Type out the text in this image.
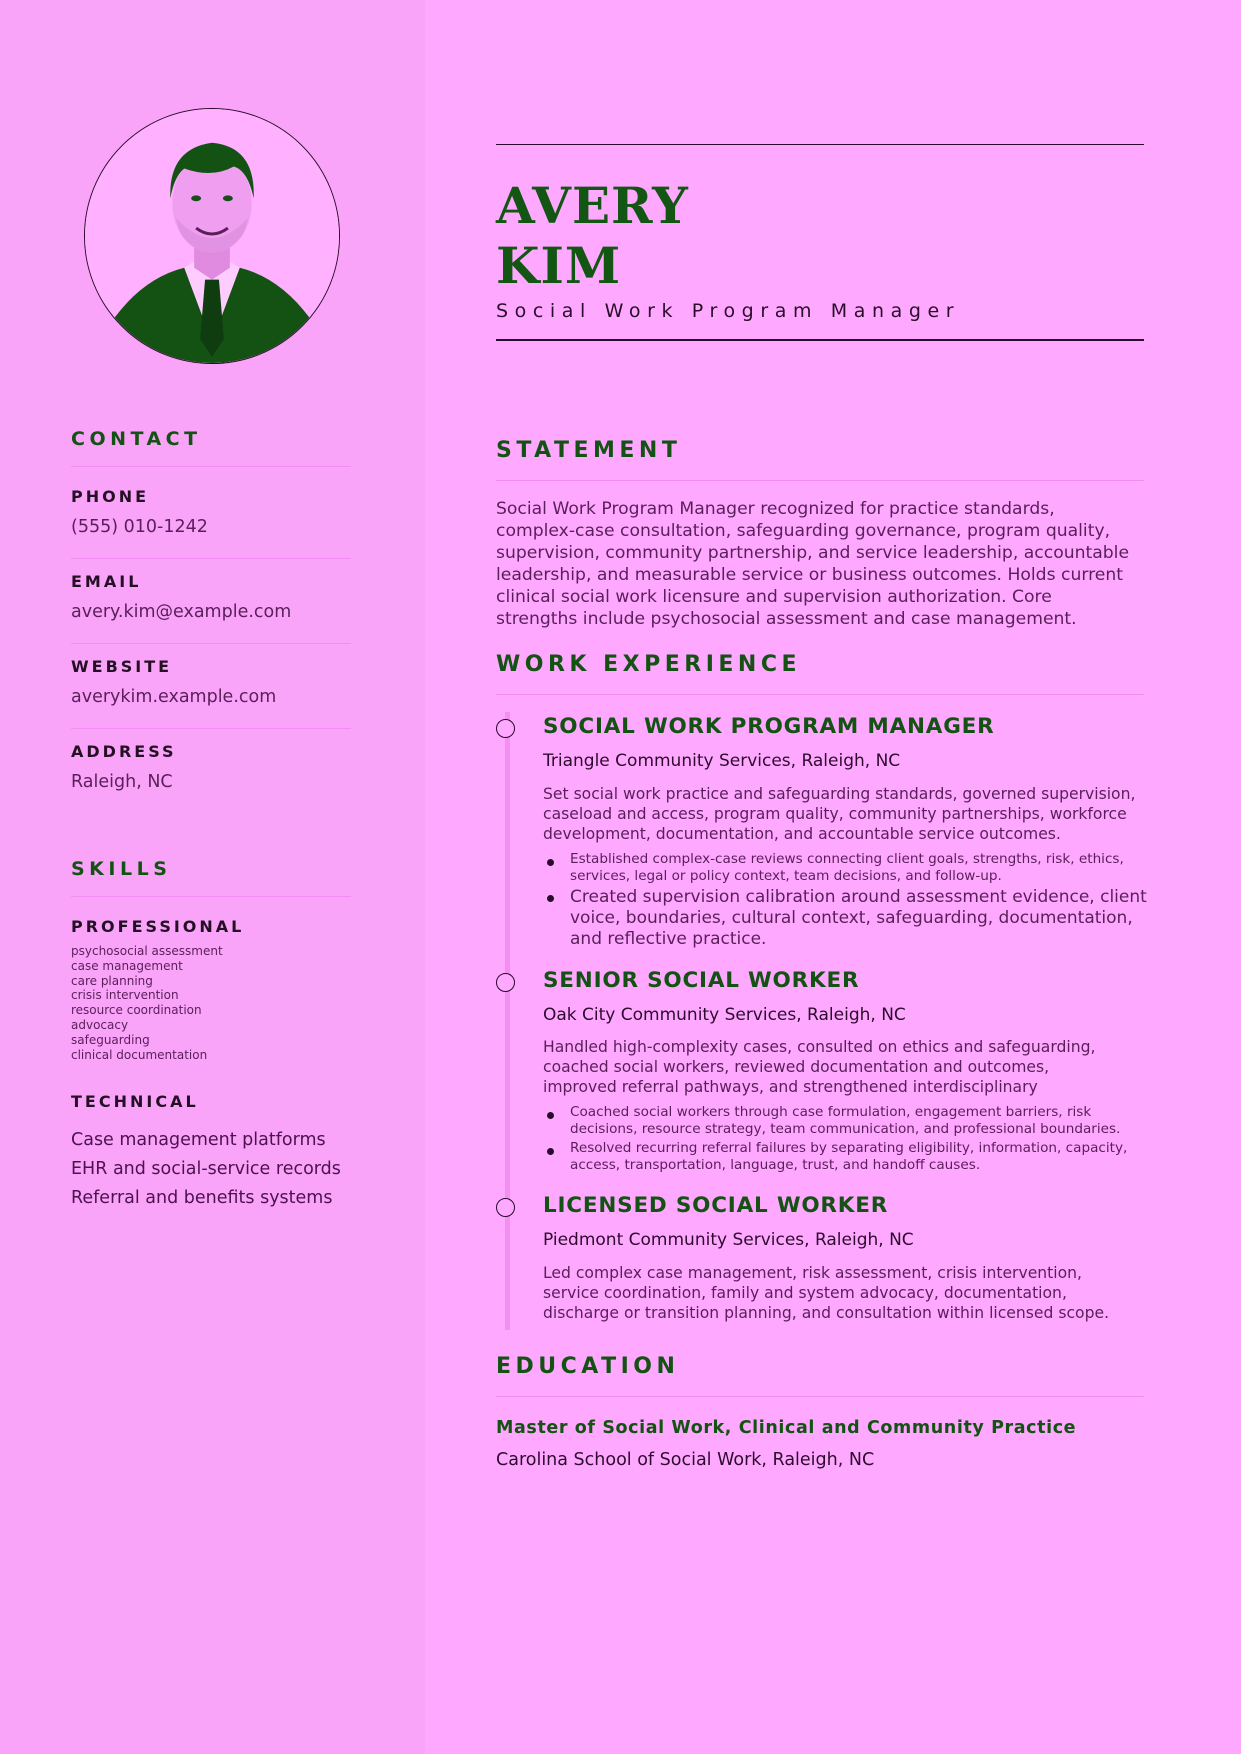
CONTACT
PHONE
(555) 010-1242
EMAIL
avery.kim@example.com
WEBSITE
averykim.example.com
ADDRESS
Raleigh, NC
SKILLS
PROFESSIONAL
psychosocial assessment
case management
care planning
crisis intervention
resource coordination
advocacy
safeguarding
clinical documentation
TECHNICAL
Case management platforms
EHR and social-service records
Referral and benefits systems
AVERY
KIM
Social Work Program Manager
STATEMENT
Social Work Program Manager recognized for practice standards,
complex-case consultation, safeguarding governance, program quality,
supervision, community partnership, and service leadership, accountable
leadership, and measurable service or business outcomes. Holds current
clinical social work licensure and supervision authorization. Core
strengths include psychosocial assessment and case management.
WORK EXPERIENCE
SOCIAL WORK PROGRAM MANAGER
Triangle Community Services, Raleigh, NC
Set social work practice and safeguarding standards, governed supervision,
caseload and access, program quality, community partnerships, workforce
development, documentation, and accountable service outcomes.
Established complex-case reviews connecting client goals, strengths, risk, ethics,
services, legal or policy context, team decisions, and follow-up.
Created supervision calibration around assessment evidence, client
voice, boundaries, cultural context, safeguarding, documentation,
and reflective practice.
SENIOR SOCIAL WORKER
Oak City Community Services, Raleigh, NC
Handled high-complexity cases, consulted on ethics and safeguarding,
coached social workers, reviewed documentation and outcomes,
improved referral pathways, and strengthened interdisciplinary
Coached social workers through case formulation, engagement barriers, risk
decisions, resource strategy, team communication, and professional boundaries.
Resolved recurring referral failures by separating eligibility, information, capacity,
access, transportation, language, trust, and handoff causes.
LICENSED SOCIAL WORKER
Piedmont Community Services, Raleigh, NC
Led complex case management, risk assessment, crisis intervention,
service coordination, family and system advocacy, documentation,
discharge or transition planning, and consultation within licensed scope.
EDUCATION
Master of Social Work, Clinical and Community Practice
Carolina School of Social Work, Raleigh, NC
